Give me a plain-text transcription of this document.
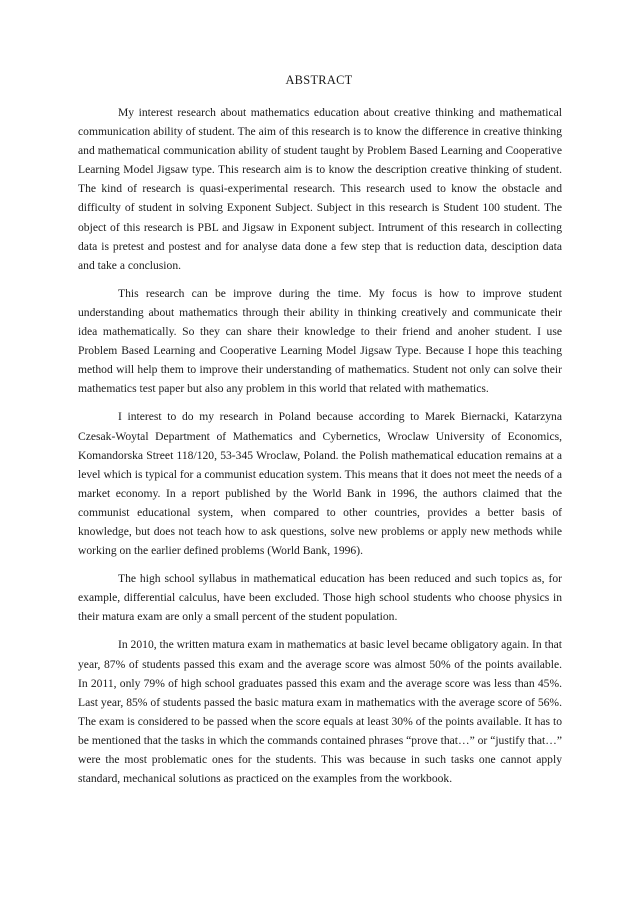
ABSTRACT

My interest research about mathematics education about creative thinking and mathematical communication ability of student. The aim of this research is to know the difference in creative thinking and mathematical communication ability of student taught by Problem Based Learning and Cooperative Learning Model Jigsaw type. This research aim is to know the description creative thinking of student. The kind of research is quasi-experimental research. This research used to know the obstacle and difficulty of student in solving Exponent Subject. Subject in this research is Student 100 student. The object of this research is PBL and Jigsaw in Exponent subject. Intrument of this research in collecting data is pretest and postest and for analyse data done a few step that is reduction data, desciption data and take a conclusion.

This research can be improve during the time. My focus is how to improve student understanding about mathematics through their ability in thinking creatively and communicate their idea mathematically. So they can share their knowledge to their friend and anoher student. I use Problem Based Learning and Cooperative Learning Model Jigsaw Type. Because I hope this teaching method will help them to improve their understanding of mathematics. Student not only can solve their mathematics test paper but also any problem in this world that related with mathematics.

I interest to do my research in Poland because according to Marek Biernacki, Katarzyna Czesak-Woytal Department of Mathematics and Cybernetics, Wroclaw University of Economics, Komandorska Street 118/120, 53-345 Wroclaw, Poland. the Polish mathematical education remains at a level which is typical for a communist education system. This means that it does not meet the needs of a market economy. In a report published by the World Bank in 1996, the authors claimed that the communist educational system, when compared to other countries, provides a better basis of knowledge, but does not teach how to ask questions, solve new problems or apply new methods while working on the earlier defined problems (World Bank, 1996).

The high school syllabus in mathematical education has been reduced and such topics as, for example, differential calculus, have been excluded. Those high school students who choose physics in their matura exam are only a small percent of the student population.

In 2010, the written matura exam in mathematics at basic level became obligatory again. In that year, 87% of students passed this exam and the average score was almost 50% of the points available. In 2011, only 79% of high school graduates passed this exam and the average score was less than 45%. Last year, 85% of students passed the basic matura exam in mathematics with the average score of 56%. The exam is considered to be passed when the score equals at least 30% of the points available. It has to be mentioned that the tasks in which the commands contained phrases “prove that…” or “justify that…” were the most problematic ones for the students. This was because in such tasks one cannot apply standard, mechanical solutions as practiced on the examples from the workbook.
